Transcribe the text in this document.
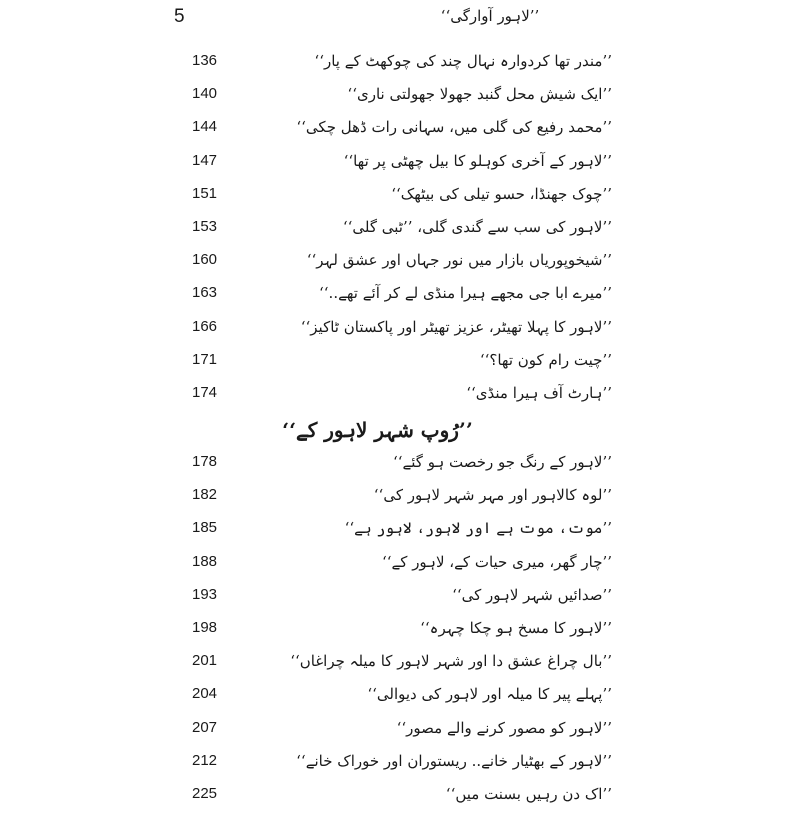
5	’’لاہور آوارگی‘‘
136	’’مندر تھا کردوارہ نہال چند کی چوکھٹ کے پار‘‘
140	’’ایک شیش محل گنبد جھولا جھولتی ناری‘‘
144	’’محمد رفیع کی گلی میں، سہانی رات ڈھل چکی‘‘
147	’’لاہور کے آخری کوہلو کا بیل چھٹی پر تھا‘‘
151	’’چوک جھنڈا، حسو تیلی کی بیٹھک‘‘
153	’’لاہور کی سب سے گندی گلی، ’’ٹبی گلی‘‘
160	’’شیخوپوریاں بازار میں نور جہاں اور عشق لہر‘‘
163	’’میرے ابا جی مجھے ہیرا منڈی لے کر آئے تھے..‘‘
166	’’لاہور کا پہلا تھیٹر، عزیز تھیٹر اور پاکستان ٹاکیز‘‘
171	’’چیت رام کون تھا؟‘‘
174	’’ہارٹ آف ہیرا منڈی‘‘
’’رُوپ شہر لاہور کے‘‘
178	’’لاہور کے رنگ جو رخصت ہو گئے‘‘
182	’’لوہ کالاہور اور مہر شہر لاہور کی‘‘
185	’’موت، موت ہے اور لاہور، لاہور ہے‘‘
188	’’چار گھر، میری حیات کے، لاہور کے‘‘
193	’’صدائیں شہر لاہور کی‘‘
198	’’لاہور کا مسخ ہو چکا چہرہ‘‘
201	’’بال چراغ عشق دا اور شہر لاہور کا میلہ چراغاں‘‘
204	’’پہلے پیر کا میلہ اور لاہور کی دیوالی‘‘
207	’’لاہور کو مصور کرنے والے مصور‘‘
212	’’لاہور کے بھٹیار خانے.. ریستوران اور خوراک خانے‘‘
225	’’اک دن رہیں بسنت میں‘‘
